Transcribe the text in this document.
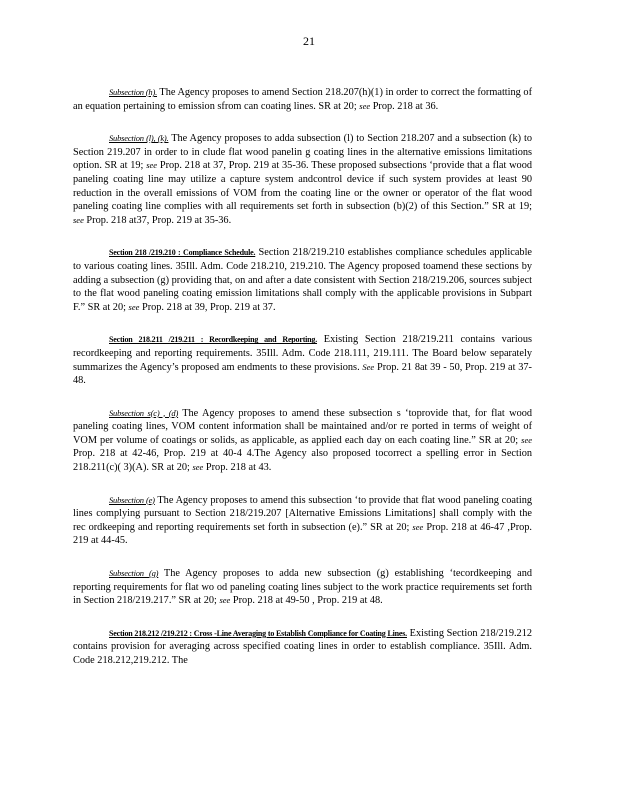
21

Subsection (h). The Agency proposes to amend Section 218.207(h)(1) in order to correct the formatting of an equation pertaining to emission sfrom can coating lines. SR at 20; see Prop. 218 at 36.

Subsection (l), (k). The Agency proposes to adda subsection (l) to Section 218.207 and a subsection (k) to Section 219.207 in order to in clude flat wood panelin g coating lines in the alternative emissions limitations option. SR at 19; see Prop. 218 at 37, Prop. 219 at 35-36. These proposed subsections ‘provide that a flat wood paneling coating line may utilize a capture system andcontrol device if such system provides at least 90 reduction in the overall emissions of VOM from the coating line or the owner or operator of the flat wood paneling coating line complies with all requirements set forth in subsection (b)(2) of this Section.” SR at 19; see Prop. 218 at37, Prop. 219 at 35-36.

Section 218 /219.210 : Compliance Schedule. Section 218/219.210 establishes compliance schedules applicable to various coating lines. 35Ill. Adm. Code 218.210, 219.210. The Agency proposed toamend these sections by adding a subsection (g) providing that, on and after a date consistent with Section 218/219.206, sources subject to the flat wood paneling coating emission limitations shall comply with the applicable provisions in Subpart F.” SR at 20; see Prop. 218 at 39, Prop. 219 at 37.

Section 218.211 /219.211 : Recordkeeping and Reporting. Existing Section 218/219.211 contains various recordkeeping and reporting requirements. 35Ill. Adm. Code 218.111, 219.111. The Board below separately summarizes the Agency’s proposed am endments to these provisions. See Prop. 21 8at 39 - 50, Prop. 219 at 37-48.

Subsection s(c) , (d) The Agency proposes to amend these subsection s ‘toprovide that, for flat wood paneling coating lines, VOM content information shall be maintained and/or re ported in terms of weight of VOM per volume of coatings or solids, as applicable, as applied each day on each coating line.” SR at 20; see Prop. 218 at 42-46, Prop. 219 at 40-4 4.The Agency also proposed tocorrect a spelling error in Section 218.211(c)( 3)(A). SR at 20; see Prop. 218 at 43.

Subsection (e) The Agency proposes to amend this subsection ‘to provide that flat wood paneling coating lines complying pursuant to Section 218/219.207 [Alternative Emissions Limitations] shall comply with the rec ordkeeping and reporting requirements set forth in subsection (e).” SR at 20; see Prop. 218 at 46-47 ,Prop. 219 at 44-45.

Subsection (g) The Agency proposes to adda new subsection (g) establishing ‘tecordkeeping and reporting requirements for flat wo od paneling coating lines subject to the work practice requirements set forth in Section 218/219.217.” SR at 20; see Prop. 218 at 49-50 , Prop. 219 at 48.

Section 218.212 /219.212 : Cross -Line Averaging to Establish Compliance for Coating Lines. Existing Section 218/219.212 contains provision for averaging across specified coating lines in order to establish compliance. 35Ill. Adm. Code 218.212,219.212. The
